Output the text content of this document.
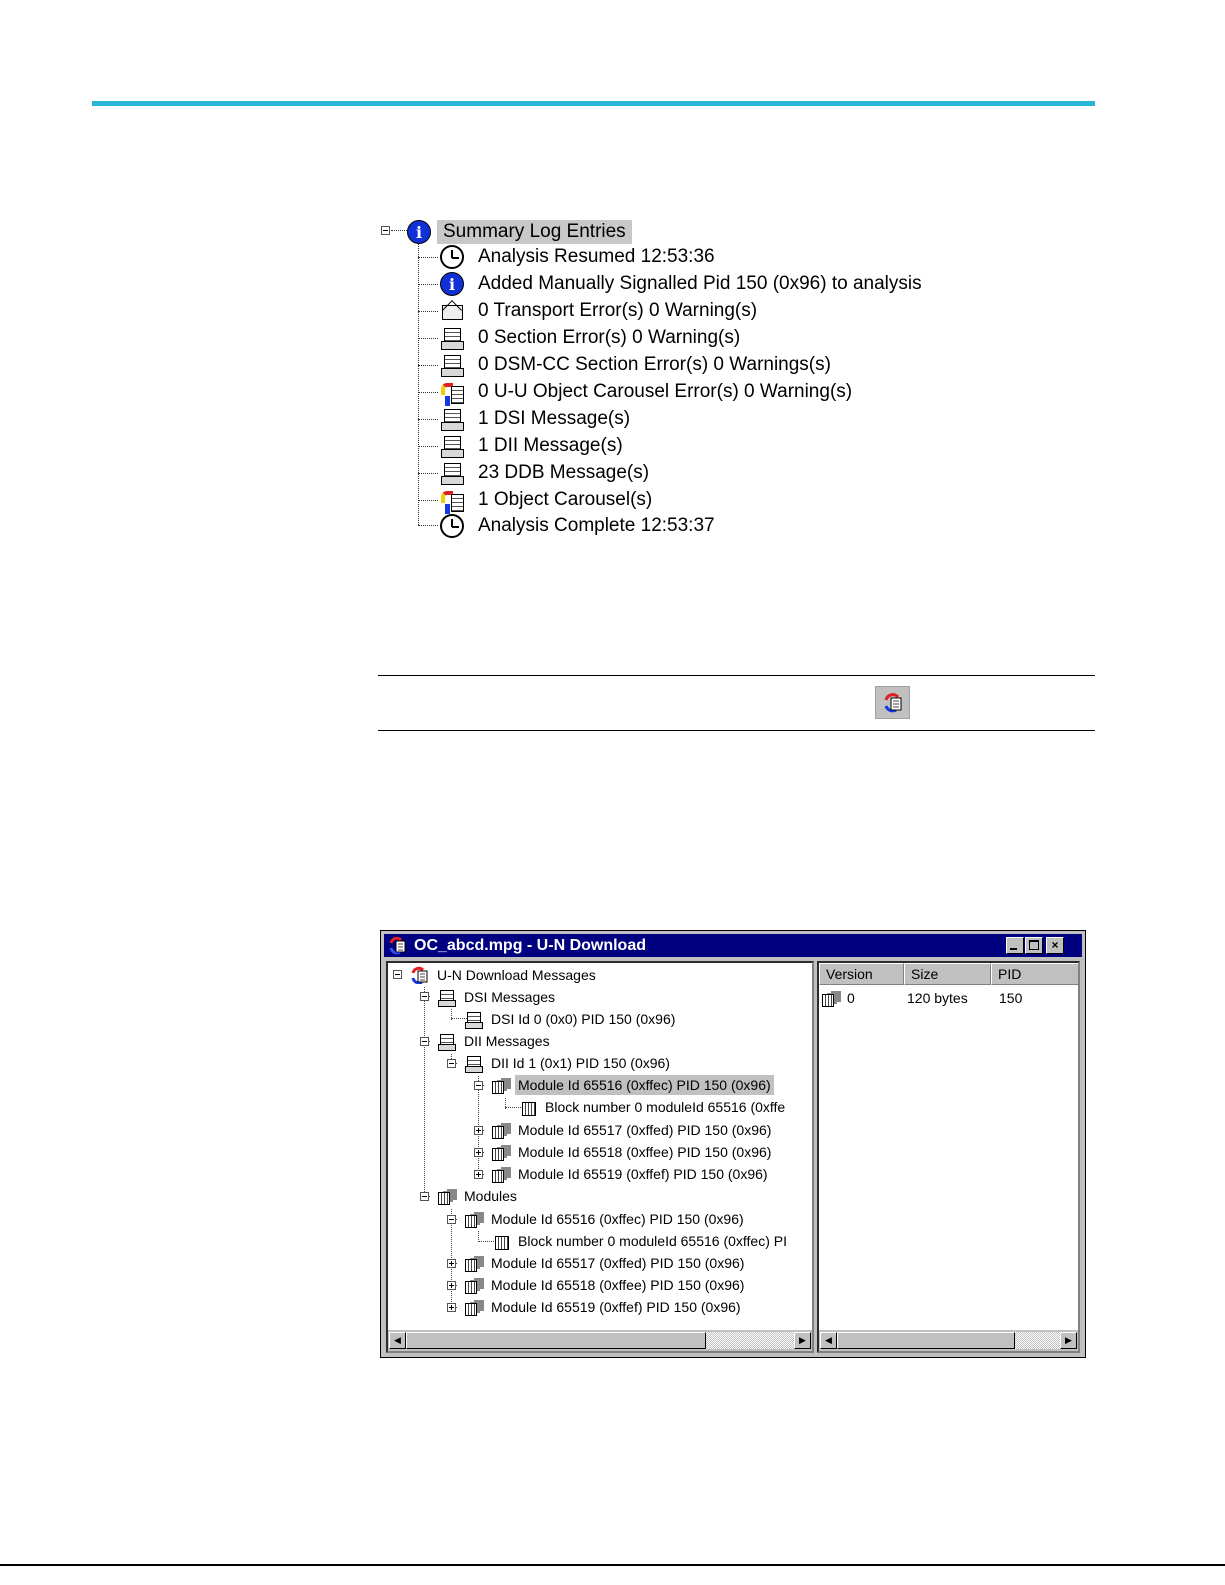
i	Summary Log Entries
Analysis Resumed 12:53:36
i	Added Manually Signalled Pid 150 (0x96) to analysis
0 Transport Error(s) 0 Warning(s)
0 Section Error(s) 0 Warning(s)
0 DSM-CC Section Error(s) 0 Warnings(s)
0 U-U Object Carousel Error(s) 0 Warning(s)
1 DSI Message(s)
1 DII Message(s)
23 DDB Message(s)
1 Object Carousel(s)
Analysis Complete 12:53:37
OC_abcd.mpg - U-N Download	×
U-N Download Messages
DSI Messages
DSI Id 0 (0x0) PID 150 (0x96)
DII Messages
DII Id 1 (0x1) PID 150 (0x96)
Module Id 65516 (0xffec) PID 150 (0x96)
Block number 0 moduleId 65516 (0xffe
Module Id 65517 (0xffed) PID 150 (0x96)
Module Id 65518 (0xffee) PID 150 (0x96)
Module Id 65519 (0xffef) PID 150 (0x96)
Modules
Module Id 65516 (0xffec) PID 150 (0x96)
Block number 0 moduleId 65516 (0xffec) PI
Module Id 65517 (0xffed) PID 150 (0x96)
Module Id 65518 (0xffee) PID 150 (0x96)
Module Id 65519 (0xffef) PID 150 (0x96)
◀	▶
Version	Size	PID
0	120 bytes 150
◀	▶
